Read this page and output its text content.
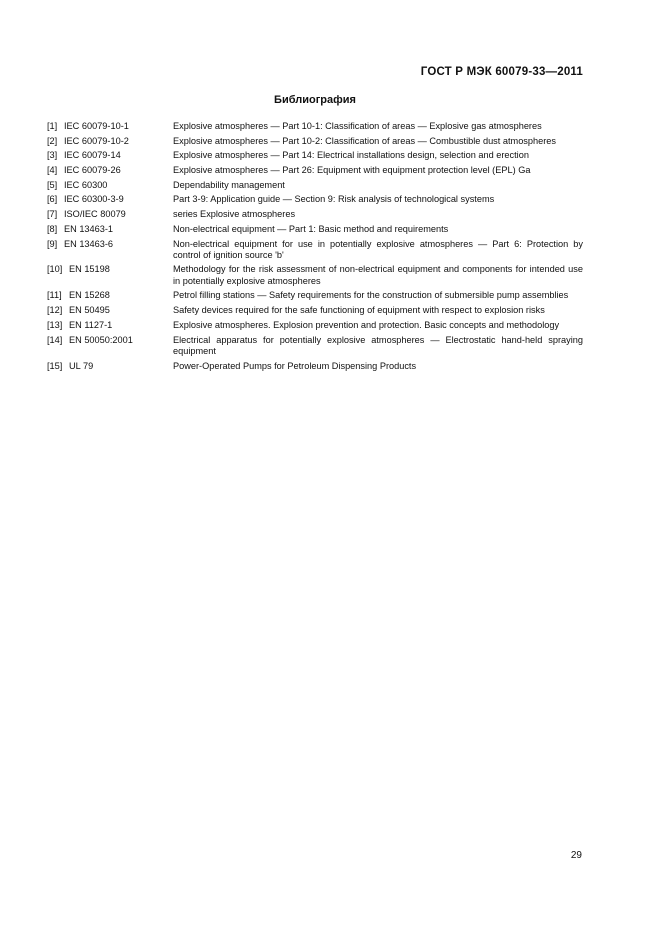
ГОСТ Р МЭК 60079-33—2011
Библиография
[1] IEC 60079-10-1	Explosive atmospheres — Part 10-1: Classification of areas — Explosive gas atmospheres
[2] IEC 60079-10-2	Explosive atmospheres — Part 10-2: Classification of areas — Combustible dust atmospheres
[3] IEC 60079-14	Explosive atmospheres — Part 14: Electrical installations design, selection and erection
[4] IEC 60079-26	Explosive atmospheres — Part 26: Equipment with equipment protection level (EPL) Ga
[5] IEC 60300	Dependability management
[6] IEC 60300-3-9	Part 3-9: Application guide — Section 9: Risk analysis of technological systems
[7] ISO/IEC 80079	series Explosive atmospheres
[8] EN 13463-1	Non-electrical equipment — Part 1: Basic method and requirements
[9] EN 13463-6	Non-electrical equipment for use in potentially explosive atmospheres — Part 6: Protection by control of ignition source 'b'
[10] EN 15198	Methodology for the risk assessment of non-electrical equipment and components for intended use in potentially explosive atmospheres
[11] EN 15268	Petrol filling stations — Safety requirements for the construction of submersible pump assemblies
[12] EN 50495	Safety devices required for the safe functioning of equipment with respect to explosion risks
[13] EN 1127-1	Explosive atmospheres. Explosion prevention and protection. Basic concepts and methodology
[14] EN 50050:2001	Electrical apparatus for potentially explosive atmospheres — Electrostatic hand-held spraying equipment
[15] UL 79	Power-Operated Pumps for Petroleum Dispensing Products
29
